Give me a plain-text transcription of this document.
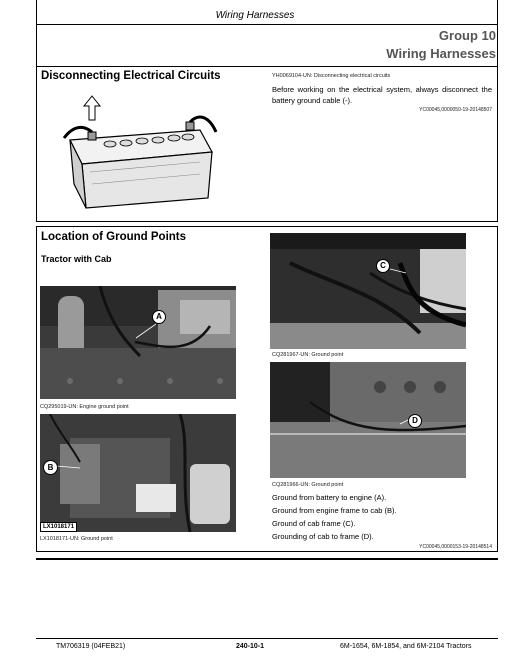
Wiring Harnesses
Group 10
Wiring Harnesses
Disconnecting Electrical Circuits	YH0069104-UN: Disconnecting electrical circuits
Before working on the electrical system, always disconnect the battery ground cable (-).
YC00045,0000050-19-20148507
Location of Ground Points
Tractor with Cab
A
CQ295019-UN: Engine ground point
B
LX1018171
LX1018171-UN: Ground point
C
CQ281967-UN: Ground point
D
CQ281966-UN: Ground point
Ground from battery to engine (A).
Ground from engine frame to cab (B).
Ground of cab frame (C).
Grounding of cab to frame (D).
YC00045,0000153-19-20148514
TM706319 (04FEB21)	240-10-1	6M-1654, 6M-1854, and 6M-2104 Tractors
